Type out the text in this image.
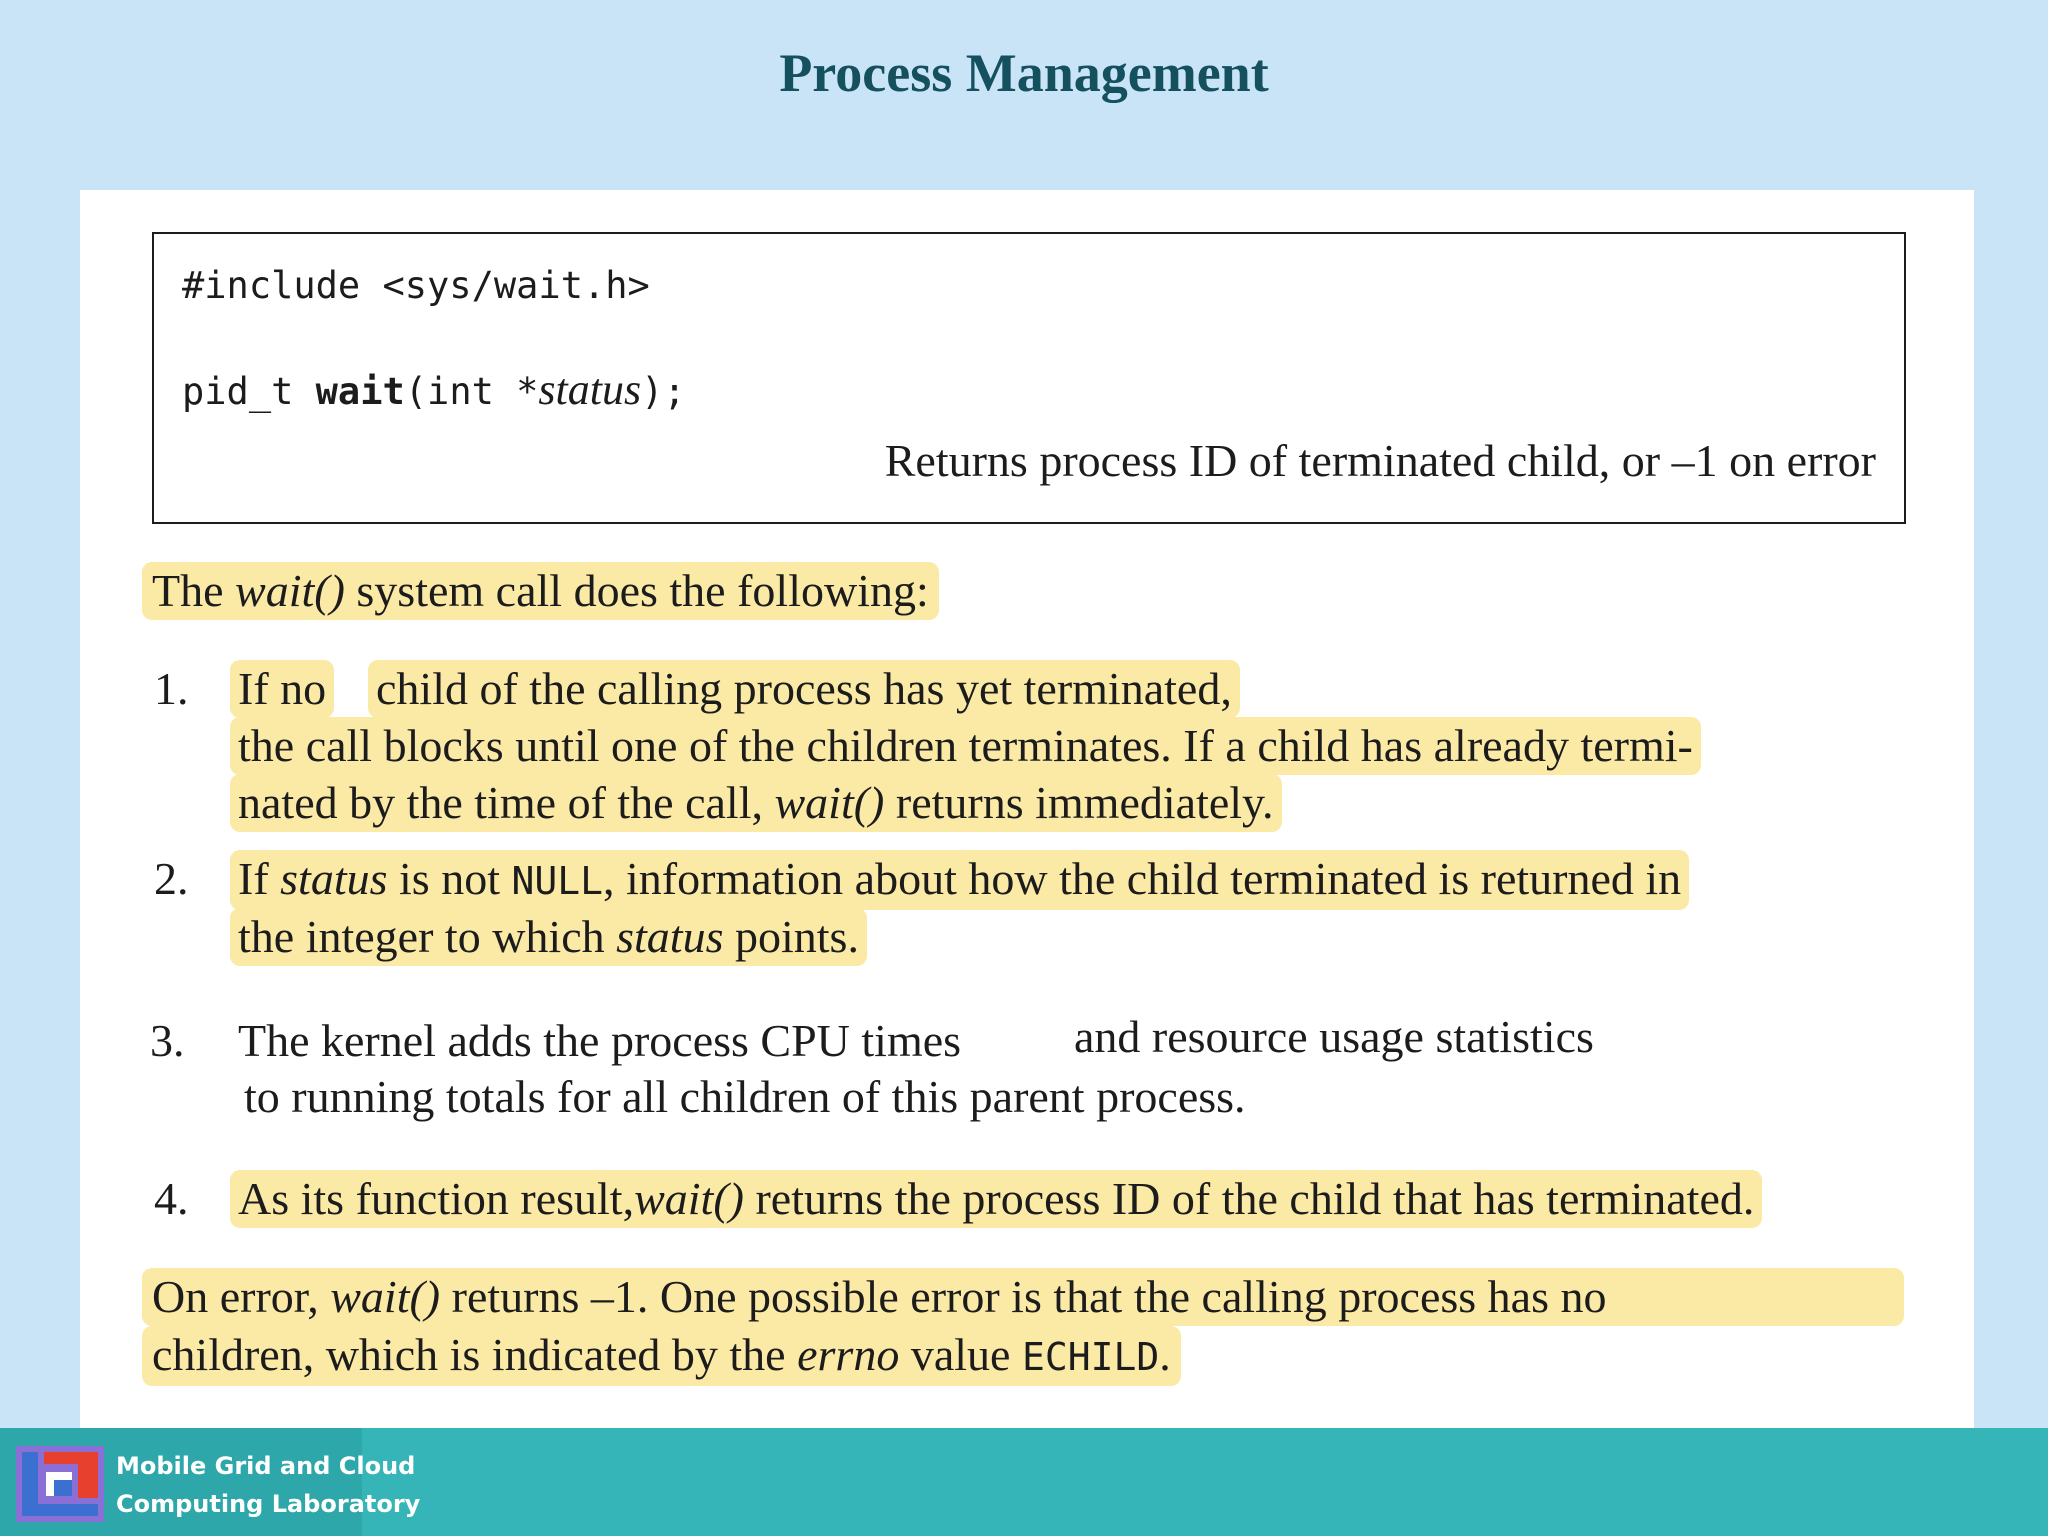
Process Management
#include <sys/wait.h>
pid_t wait(int *status);
Returns process ID of terminated child, or –1 on error
The wait() system call does the following:
1. If no child of the calling process has yet terminated,
the call blocks until one of the children terminates. If a child has already termi-
nated by the time of the call, wait() returns immediately.
2. If status is not NULL, information about how the child terminated is returned in
the integer to which status points.
3. The kernel adds the process CPU times and resource usage statistics
to running totals for all children of this parent process.
4. As its function result,wait() returns the process ID of the child that has terminated.
On error, wait() returns –1. One possible error is that the calling process has no
children, which is indicated by the errno value ECHILD.
Mobile Grid and Cloud
Computing Laboratory
